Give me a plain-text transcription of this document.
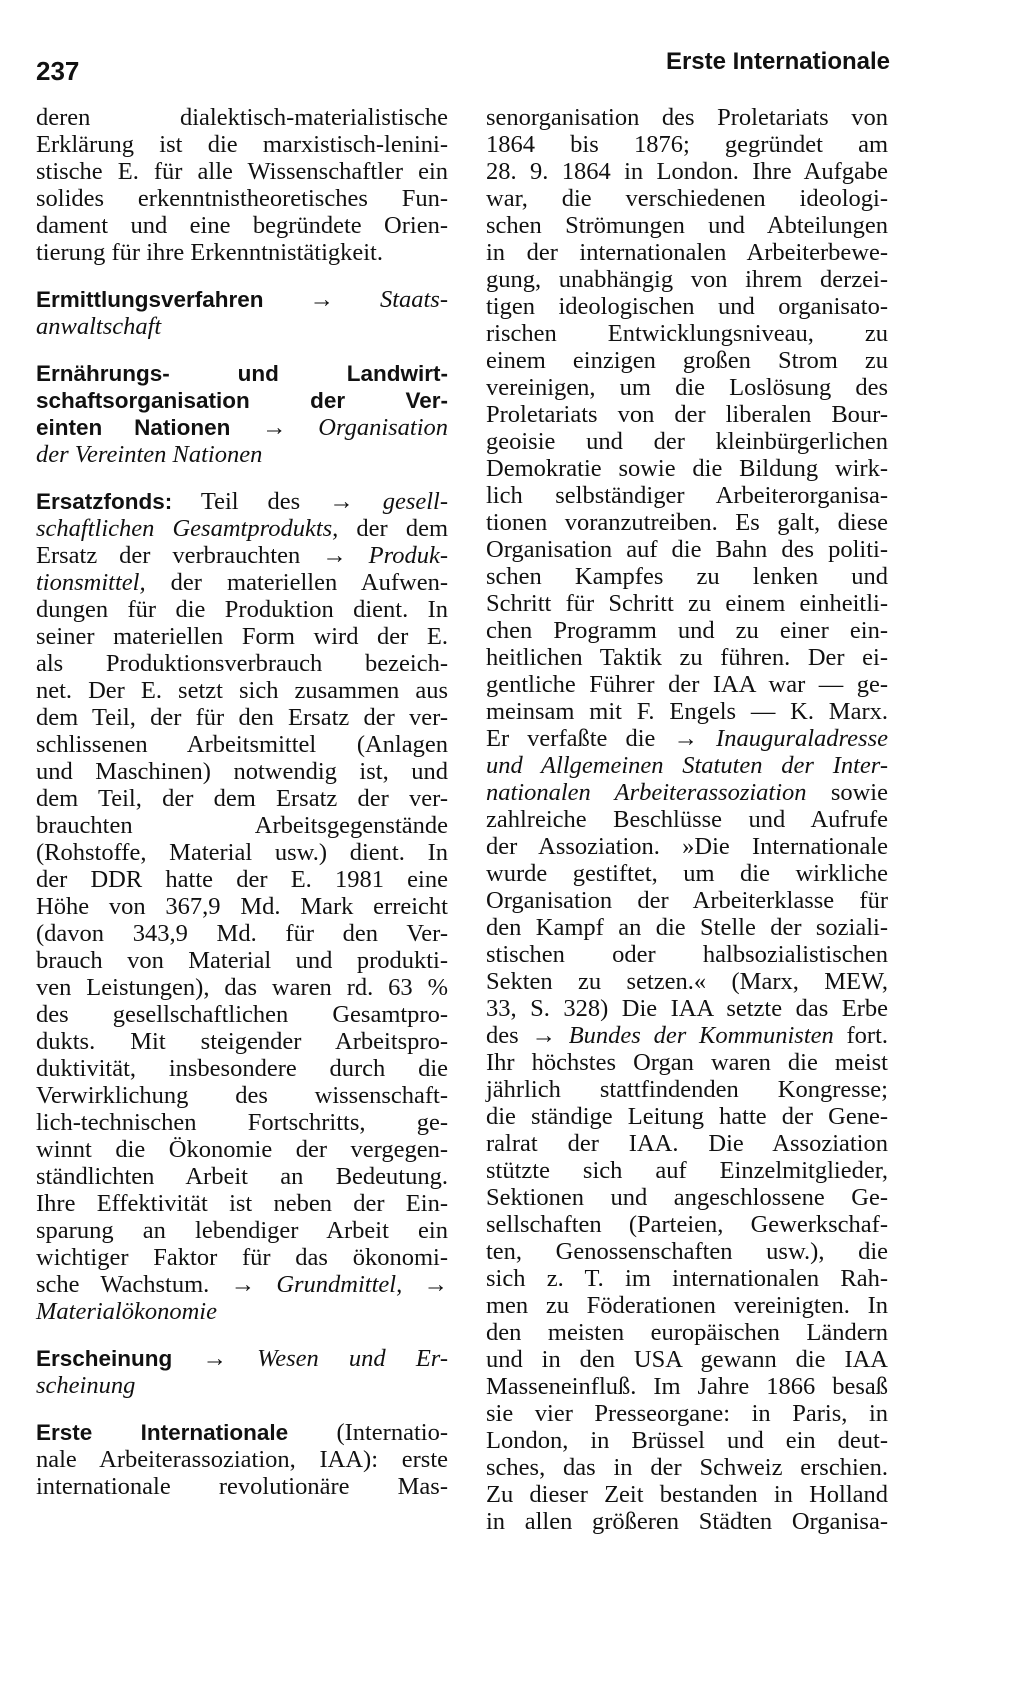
237	Erste Internationale
deren dialektisch-materialistische
Erklärung ist die marxistisch-lenini-
stische E. für alle Wissenschaftler ein
solides erkenntnistheoretisches Fun-
dament und eine begründete Orien-
tierung für ihre Erkenntnistätigkeit.
Ermittlungsverfahren → Staats-
anwaltschaft
Ernährungs- und Landwirt-
schaftsorganisation der Ver-
einten Nationen → Organisation
der Vereinten Nationen
Ersatzfonds: Teil des → gesell-
schaftlichen Gesamtprodukts, der dem
Ersatz der verbrauchten → Produk-
tionsmittel, der materiellen Aufwen-
dungen für die Produktion dient. In
seiner materiellen Form wird der E.
als Produktionsverbrauch bezeich-
net. Der E. setzt sich zusammen aus
dem Teil, der für den Ersatz der ver-
schlissenen Arbeitsmittel (Anlagen
und Maschinen) notwendig ist, und
dem Teil, der dem Ersatz der ver-
brauchten Arbeitsgegenstände
(Rohstoffe, Material usw.) dient. In
der DDR hatte der E. 1981 eine
Höhe von 367,9 Md. Mark erreicht
(davon 343,9 Md. für den Ver-
brauch von Material und produkti-
ven Leistungen), das waren rd. 63 %
des gesellschaftlichen Gesamtpro-
dukts. Mit steigender Arbeitspro-
duktivität, insbesondere durch die
Verwirklichung des wissenschaft-
lich-technischen Fortschritts, ge-
winnt die Ökonomie der vergegen-
ständlichten Arbeit an Bedeutung.
Ihre Effektivität ist neben der Ein-
sparung an lebendiger Arbeit ein
wichtiger Faktor für das ökonomi-
sche Wachstum. → Grundmittel, →
Materialökonomie
Erscheinung → Wesen und Er-
scheinung
Erste Internationale (Internatio-
nale Arbeiterassoziation, IAA): erste
internationale revolutionäre Mas-
senorganisation des Proletariats von
1864 bis 1876; gegründet am
28. 9. 1864 in London. Ihre Aufgabe
war, die verschiedenen ideologi-
schen Strömungen und Abteilungen
in der internationalen Arbeiterbewe-
gung, unabhängig von ihrem derzei-
tigen ideologischen und organisato-
rischen Entwicklungsniveau, zu
einem einzigen großen Strom zu
vereinigen, um die Loslösung des
Proletariats von der liberalen Bour-
geoisie und der kleinbürgerlichen
Demokratie sowie die Bildung wirk-
lich selbständiger Arbeiterorganisa-
tionen voranzutreiben. Es galt, diese
Organisation auf die Bahn des politi-
schen Kampfes zu lenken und
Schritt für Schritt zu einem einheitli-
chen Programm und zu einer ein-
heitlichen Taktik zu führen. Der ei-
gentliche Führer der IAA war — ge-
meinsam mit F. Engels — K. Marx.
Er verfaßte die → Inauguraladresse
und Allgemeinen Statuten der Inter-
nationalen Arbeiterassoziation sowie
zahlreiche Beschlüsse und Aufrufe
der Assoziation. »Die Internationale
wurde gestiftet, um die wirkliche
Organisation der Arbeiterklasse für
den Kampf an die Stelle der soziali-
stischen oder halbsozialistischen
Sekten zu setzen.« (Marx, MEW,
33, S. 328) Die IAA setzte das Erbe
des → Bundes der Kommunisten fort.
Ihr höchstes Organ waren die meist
jährlich stattfindenden Kongresse;
die ständige Leitung hatte der Gene-
ralrat der IAA. Die Assoziation
stützte sich auf Einzelmitglieder,
Sektionen und angeschlossene Ge-
sellschaften (Parteien, Gewerkschaf-
ten, Genossenschaften usw.), die
sich z. T. im internationalen Rah-
men zu Föderationen vereinigten. In
den meisten europäischen Ländern
und in den USA gewann die IAA
Masseneinfluß. Im Jahre 1866 besaß
sie vier Presseorgane: in Paris, in
London, in Brüssel und ein deut-
sches, das in der Schweiz erschien.
Zu dieser Zeit bestanden in Holland
in allen größeren Städten Organisa-
